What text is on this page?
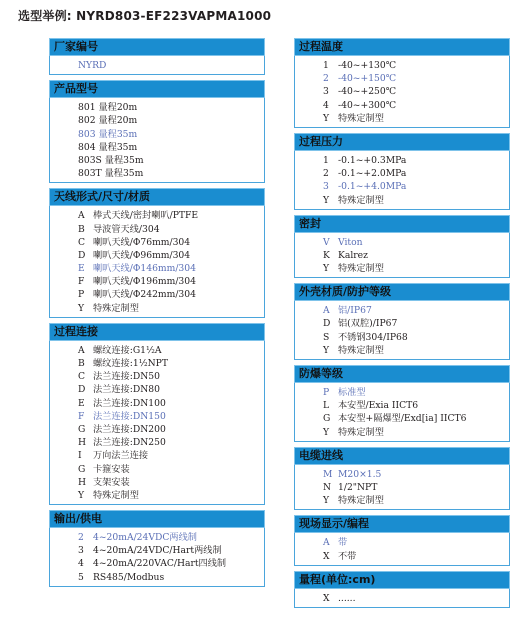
选型举例: NYRD803-EF223VAPMA1000
厂家编号
NYRD
产品型号
801 量程20m
802 量程20m
803 量程35m
804 量程35m
803S 量程35m
803T 量程35m
天线形式/尺寸/材质
A 棒式天线/密封喇叭/PTFE
B 导波管天线/304
C 喇叭天线/Φ76mm/304
D 喇叭天线/Φ96mm/304
E 喇叭天线/Φ146mm/304
F 喇叭天线/Φ196mm/304
P 喇叭天线/Φ242mm/304
Y 特殊定制型
过程连接
A 螺纹连接:G1½A
B 螺纹连接:1½NPT
C 法兰连接:DN50
D 法兰连接:DN80
E 法兰连接:DN100
F 法兰连接:DN150
G 法兰连接:DN200
H 法兰连接:DN250
I 万向法兰连接
G 卡箍安装
H 支架安装
Y 特殊定制型
输出/供电
2 4~20mA/24VDC两线制
3 4~20mA/24VDC/Hart两线制
4 4~20mA/220VAC/Hart四线制
5 RS485/Modbus
过程温度
1 -40~+130℃
2 -40~+150℃
3 -40~+250℃
4 -40~+300℃
Y 特殊定制型
过程压力
1 -0.1~+0.3MPa
2 -0.1~+2.0MPa
3 -0.1~+4.0MPa
Y 特殊定制型
密封
V Viton
K Kalrez
Y 特殊定制型
外壳材质/防护等级
A 铝/IP67
D 铝(双腔)/IP67
S 不锈钢304/IP68
Y 特殊定制型
防爆等级
P 标准型
L 本安型/Exia IICT6
G 本安型+隔爆型/Exd[ia] IICT6
Y 特殊定制型
电缆进线
M M20×1.5
N 1/2"NPT
Y 特殊定制型
现场显示/编程
A 带
X 不带
量程(单位:cm)
X ......
